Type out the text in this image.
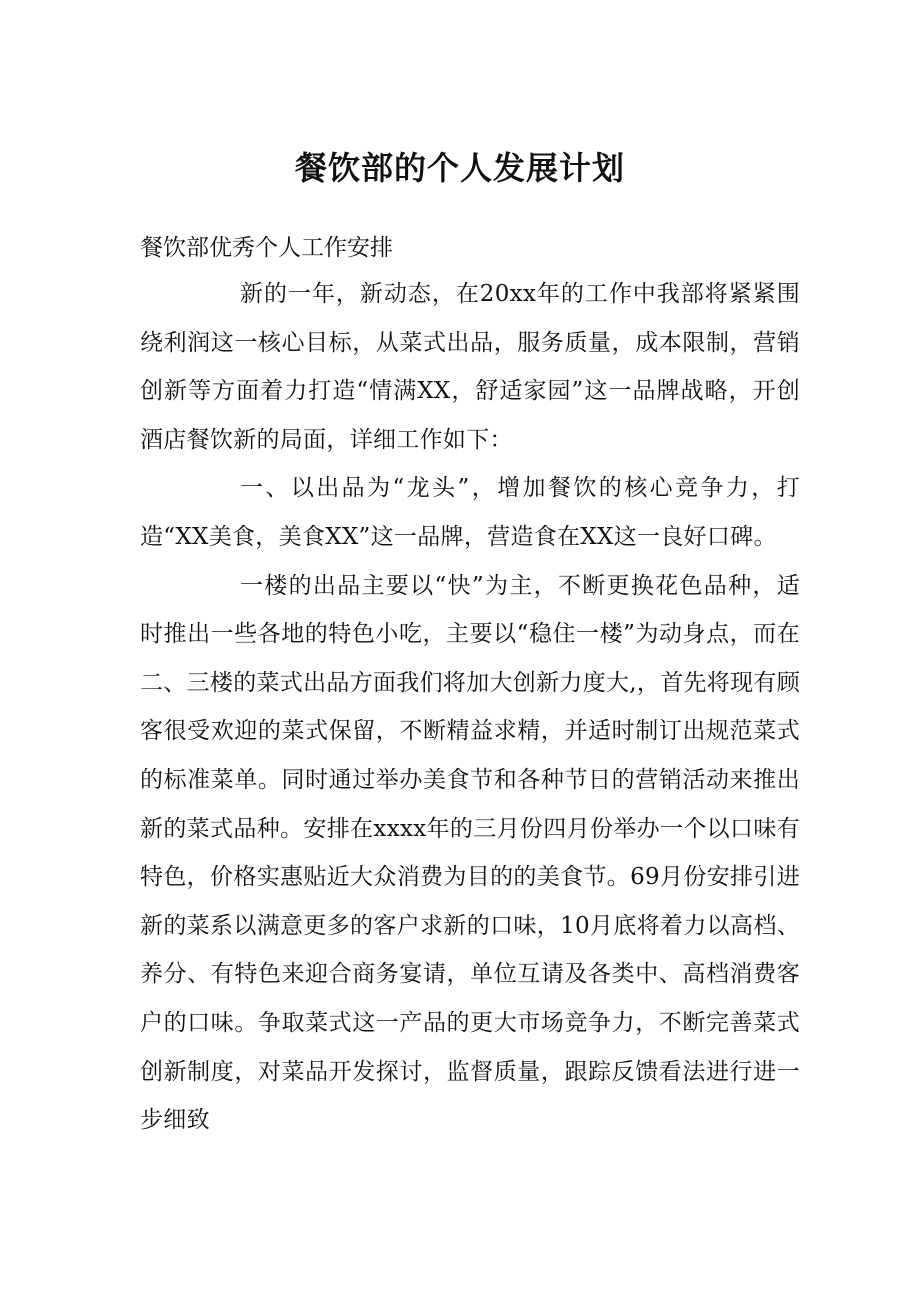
餐饮部的个人发展计划

餐饮部优秀个人工作安排

新的一年，新动态，在20xx年的工作中我部将紧紧围绕利润这一核心目标，从菜式出品，服务质量，成本限制，营销创新等方面着力打造“情满XX，舒适家园”这一品牌战略，开创酒店餐饮新的局面，详细工作如下：

一、以出品为“龙头”，增加餐饮的核心竞争力，打造“XX美食，美食XX”这一品牌，营造食在XX这一良好口碑。

一楼的出品主要以“快”为主，不断更换花色品种，适时推出一些各地的特色小吃，主要以“稳住一楼”为动身点，而在二、三楼的菜式出品方面我们将加大创新力度大,，首先将现有顾客很受欢迎的菜式保留，不断精益求精，并适时制订出规范菜式的标准菜单。同时通过举办美食节和各种节日的营销活动来推出新的菜式品种。安排在xxxx年的三月份四月份举办一个以口味有特色，价格实惠贴近大众消费为目的的美食节。69月份安排引进新的菜系以满意更多的客户求新的口味，10月底将着力以高档、养分、有特色来迎合商务宴请，单位互请及各类中、高档消费客户的口味。争取菜式这一产品的更大市场竞争力，不断完善菜式创新制度，对菜品开发探讨，监督质量，跟踪反馈看法进行进一步细致
